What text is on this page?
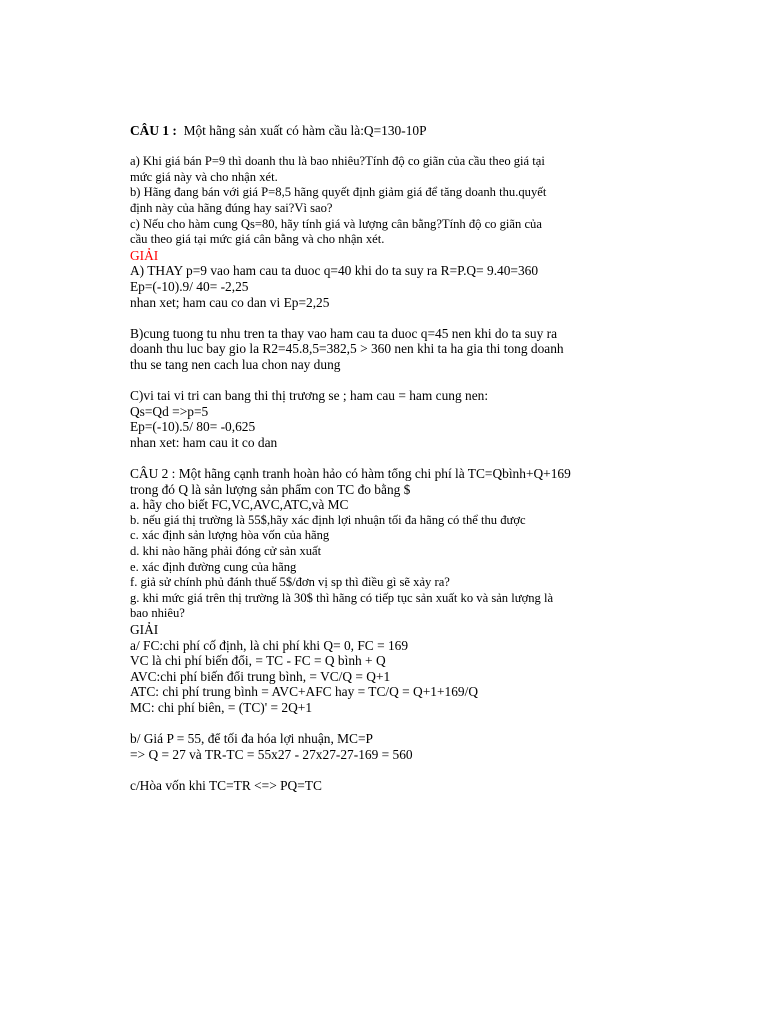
CÂU 1 : Một hãng sản xuất có hàm cầu là:Q=130-10P
a) Khi giá bán P=9 thì doanh thu là bao nhiêu?Tính độ co giãn của cầu theo giá tại
mức giá này và cho nhận xét.
b) Hãng đang bán với giá P=8,5 hãng quyết định giảm giá để tăng doanh thu.quyết
định này của hãng đúng hay sai?Vì sao?
c) Nếu cho hàm cung Qs=80, hãy tính giá và lượng cân bằng?Tính độ co giãn của
cầu theo giá tại mức giá cân bằng và cho nhận xét.
GIẢI
A) THAY p=9 vao ham cau ta duoc q=40 khi do ta suy ra R=P.Q= 9.40=360
Ep=(-10).9/ 40= -2,25
nhan xet; ham cau co dan vi Ep=2,25
B)cung tuong tu nhu tren ta thay vao ham cau ta duoc q=45 nen khi do ta suy ra
doanh thu luc bay gio la R2=45.8,5=382,5 > 360 nen khi ta ha gia thi tong doanh
thu se tang nen cach lua chon nay dung
C)vi tai vi tri can bang thi thị trương se ; ham cau = ham cung nen:
Qs=Qd =>p=5
Ep=(-10).5/ 80= -0,625
nhan xet: ham cau it co dan
CÂU 2 : Một hãng cạnh tranh hoàn hảo có hàm tổng chi phí là TC=Qbình+Q+169
trong đó Q là sản lượng sản phẩm con TC đo bằng $
a. hãy cho biết FC,VC,AVC,ATC,và MC
b. nếu giá thị trường là 55$,hãy xác định lợi nhuận tối đa hãng có thể thu được
c. xác định sản lượng hòa vốn của hãng
d. khi nào hãng phải đóng cử sản xuất
e. xác định đường cung của hãng
f. giả sử chính phủ đánh thuế 5$/đơn vị sp thì điều gì sẽ xảy ra?
g. khi mức giá trên thị trường là 30$ thì hãng có tiếp tục sản xuất ko và sản lượng là
bao nhiêu?
GIẢI
a/ FC:chi phí cố định, là chi phí khi Q= 0, FC = 169
VC là chi phí biến đổi, = TC - FC = Q bình + Q
AVC:chi phí biến đổi trung bình, = VC/Q = Q+1
ATC: chi phí trung bình = AVC+AFC hay = TC/Q = Q+1+169/Q
MC: chi phí biên, = (TC)' = 2Q+1
b/ Giá P = 55, để tối đa hóa lợi nhuận, MC=P
=> Q = 27 và TR-TC = 55x27 - 27x27-27-169 = 560
c/Hòa vốn khi TC=TR <=> PQ=TC
